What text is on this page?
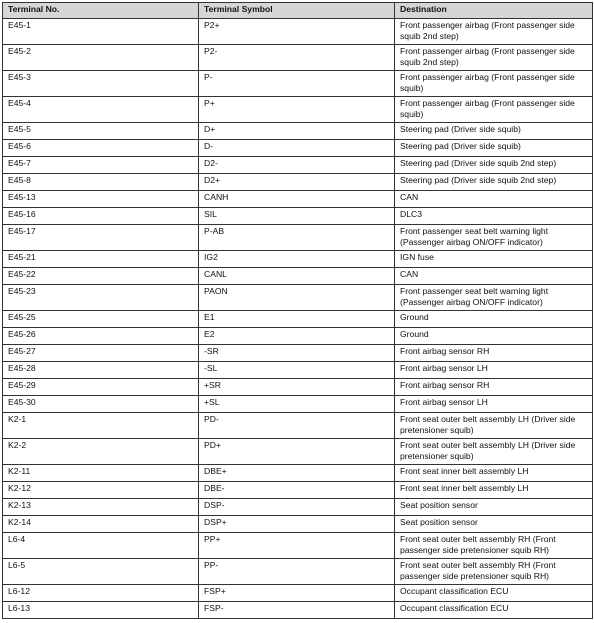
Terminal No.	Terminal Symbol	Destination
E45-1	P2+	Front passenger airbag (Front passenger side squib 2nd step)
E45-2	P2-	Front passenger airbag (Front passenger side squib 2nd step)
E45-3	P-	Front passenger airbag (Front passenger side squib)
E45-4	P+	Front passenger airbag (Front passenger side squib)
E45-5	D+	Steering pad (Driver side squib)
E45-6	D-	Steering pad (Driver side squib)
E45-7	D2-	Steering pad (Driver side squib 2nd step)
E45-8	D2+	Steering pad (Driver side squib 2nd step)
E45-13	CANH	CAN
E45-16	SIL	DLC3
E45-17	P-AB	Front passenger seat belt warning light (Passenger airbag ON/OFF indicator)
E45-21	IG2	IGN fuse
E45-22	CANL	CAN
E45-23	PAON	Front passenger seat belt warning light (Passenger airbag ON/OFF indicator)
E45-25	E1	Ground
E45-26	E2	Ground
E45-27	-SR	Front airbag sensor RH
E45-28	-SL	Front airbag sensor LH
E45-29	+SR	Front airbag sensor RH
E45-30	+SL	Front airbag sensor LH
K2-1	PD-	Front seat outer belt assembly LH (Driver side pretensioner squib)
K2-2	PD+	Front seat outer belt assembly LH (Driver side pretensioner squib)
K2-11	DBE+	Front seat inner belt assembly LH
K2-12	DBE-	Front seat inner belt assembly LH
K2-13	DSP-	Seat position sensor
K2-14	DSP+	Seat position sensor
L6-4	PP+	Front seat outer belt assembly RH (Front passenger side pretensioner squib RH)
L6-5	PP-	Front seat outer belt assembly RH (Front passenger side pretensioner squib RH)
L6-12	FSP+	Occupant classification ECU
L6-13	FSP-	Occupant classification ECU
